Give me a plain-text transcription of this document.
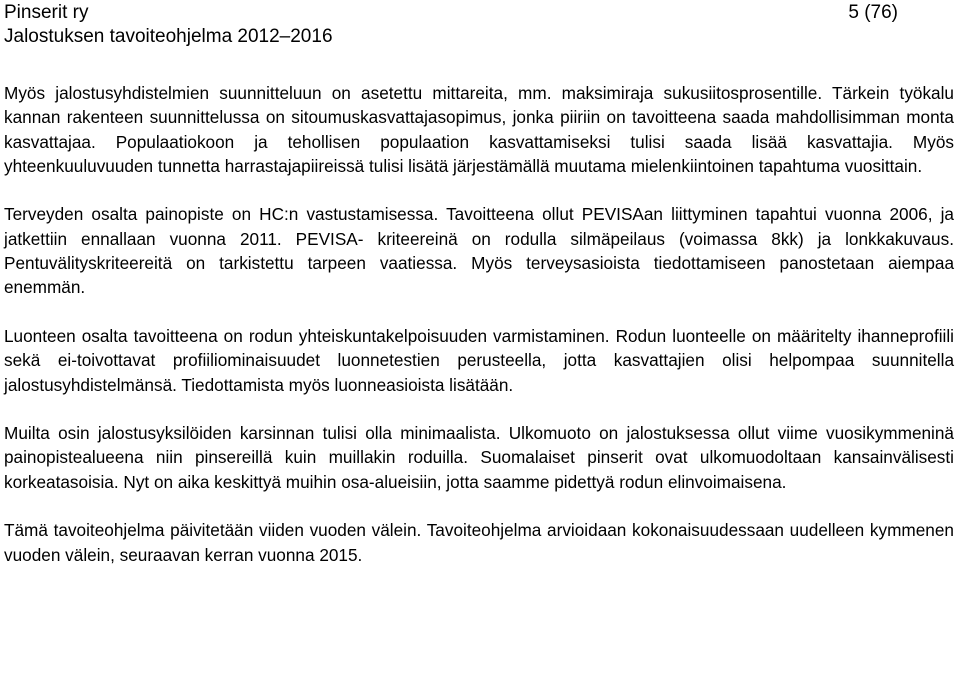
Pinserit ry
Jalostuksen tavoiteohjelma 2012–2016
5 (76)

Myös jalostusyhdistelmien suunnitteluun on asetettu mittareita, mm. maksimiraja sukusiitosprosentille. Tärkein työkalu kannan rakenteen suunnittelussa on sitoumuskasvattajasopimus, jonka piiriin on tavoitteena saada mahdollisimman monta kasvattajaa. Populaatiokoon ja tehollisen populaation kasvattamiseksi tulisi saada lisää kasvattajia. Myös yhteenkuuluvuuden tunnetta harrastajapiireissä tulisi lisätä järjestämällä muutama mielenkiintoinen tapahtuma vuosittain.

Terveyden osalta painopiste on HC:n vastustamisessa. Tavoitteena ollut PEVISAan liittyminen tapahtui vuonna 2006, ja jatkettiin ennallaan vuonna 2011. PEVISA- kriteereinä on rodulla silmäpeilaus (voimassa 8kk) ja lonkkakuvaus. Pentuvälityskriteereitä on tarkistettu tarpeen vaatiessa. Myös terveysasioista tiedottamiseen panostetaan aiempaa enemmän.

Luonteen osalta tavoitteena on rodun yhteiskuntakelpoisuuden varmistaminen. Rodun luonteelle on määritelty ihanneprofiili sekä ei-toivottavat profiiliominaisuudet luonnetestien perusteella, jotta kasvattajien olisi helpompaa suunnitella jalostusyhdistelmänsä. Tiedottamista myös luonneasioista lisätään.

Muilta osin jalostusyksilöiden karsinnan tulisi olla minimaalista. Ulkomuoto on jalostuksessa ollut viime vuosikymmeninä painopistealueena niin pinsereillä kuin muillakin roduilla. Suomalaiset pinserit ovat ulkomuodoltaan kansainvälisesti korkeatasoisia. Nyt on aika keskittyä muihin osa-alueisiin, jotta saamme pidettyä rodun elinvoimaisena.

Tämä tavoiteohjelma päivitetään viiden vuoden välein. Tavoiteohjelma arvioidaan kokonaisuudessaan uudelleen kymmenen vuoden välein, seuraavan kerran vuonna 2015.
